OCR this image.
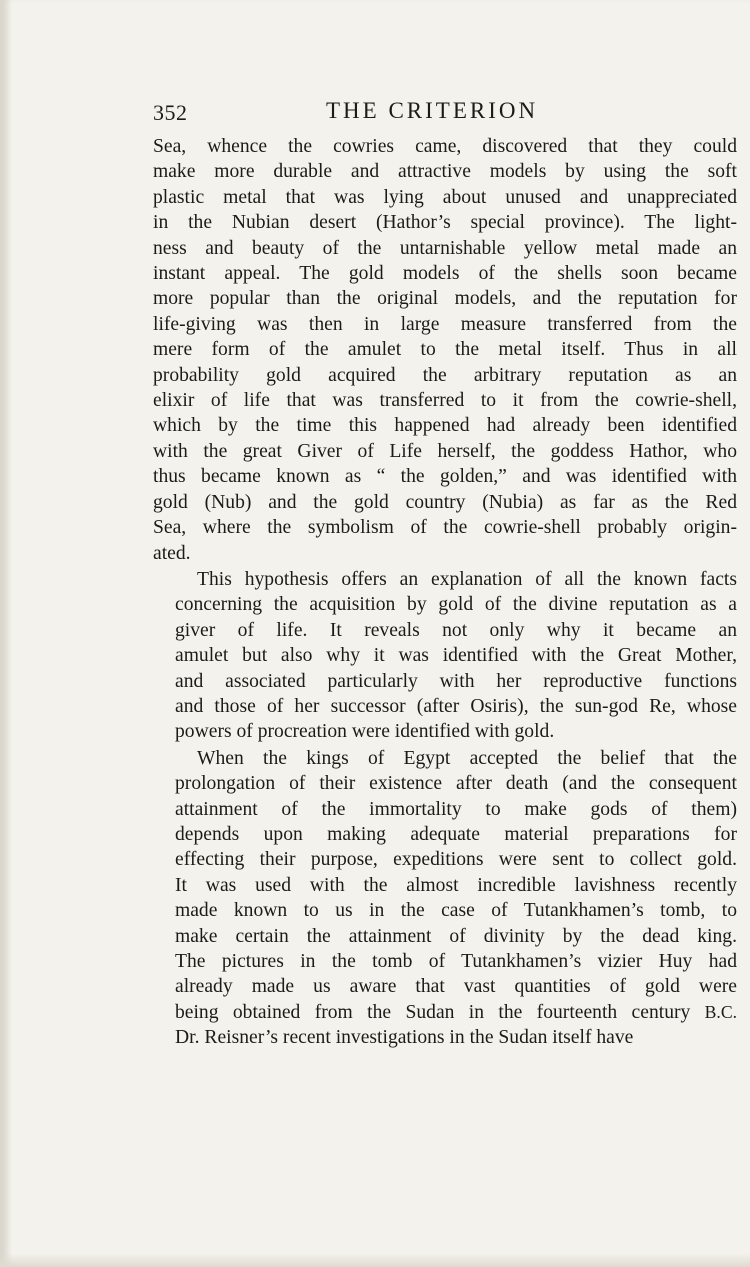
352	THE CRITERION

Sea, whence the cowries came, discovered that they could
make more durable and attractive models by using the soft
plastic metal that was lying about unused and unappreciated
in the Nubian desert (Hathor’s special province). The light-
ness and beauty of the untarnishable yellow metal made an
instant appeal. The gold models of the shells soon became
more popular than the original models, and the reputation for
life-giving was then in large measure transferred from the
mere form of the amulet to the metal itself. Thus in all
probability gold acquired the arbitrary reputation as an
elixir of life that was transferred to it from the cowrie-shell,
which by the time this happened had already been identified
with the great Giver of Life herself, the goddess Hathor, who
thus became known as “ the golden,” and was identified with
gold (Nub) and the gold country (Nubia) as far as the Red
Sea, where the symbolism of the cowrie-shell probably origin-
ated.

This hypothesis offers an explanation of all the known facts
concerning the acquisition by gold of the divine reputation as a
giver of life. It reveals not only why it became an
amulet but also why it was identified with the Great Mother,
and associated particularly with her reproductive functions
and those of her successor (after Osiris), the sun-god Re, whose
powers of procreation were identified with gold.

When the kings of Egypt accepted the belief that the
prolongation of their existence after death (and the consequent
attainment of the immortality to make gods of them)
depends upon making adequate material preparations for
effecting their purpose, expeditions were sent to collect gold.
It was used with the almost incredible lavishness recently
made known to us in the case of Tutankhamen’s tomb, to
make certain the attainment of divinity by the dead king.
The pictures in the tomb of Tutankhamen’s vizier Huy had
already made us aware that vast quantities of gold were
being obtained from the Sudan in the fourteenth century B.C.
Dr. Reisner’s recent investigations in the Sudan itself have
